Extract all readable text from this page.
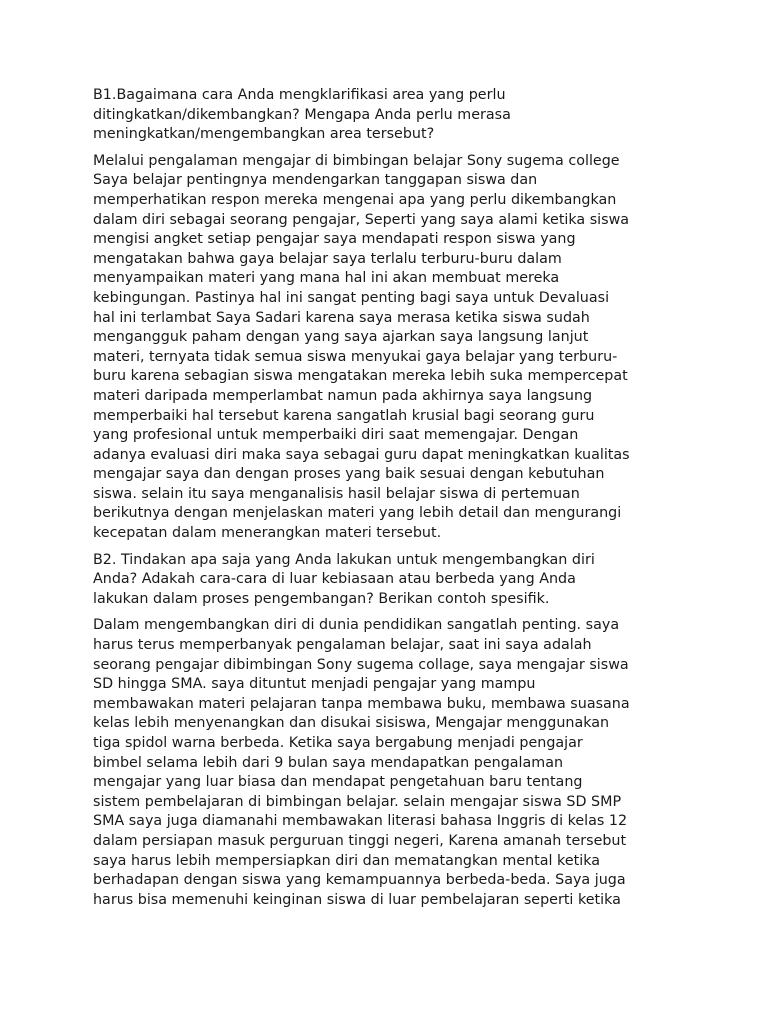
B1.Bagaimana cara Anda mengklarifikasi area yang perlu
ditingkatkan/dikembangkan? Mengapa Anda perlu merasa
meningkatkan/mengembangkan area tersebut?

Melalui pengalaman mengajar di bimbingan belajar Sony sugema college
Saya belajar pentingnya mendengarkan tanggapan siswa dan
memperhatikan respon mereka mengenai apa yang perlu dikembangkan
dalam diri sebagai seorang pengajar, Seperti yang saya alami ketika siswa
mengisi angket setiap pengajar saya mendapati respon siswa yang
mengatakan bahwa gaya belajar saya terlalu terburu-buru dalam
menyampaikan materi yang mana hal ini akan membuat mereka
kebingungan. Pastinya hal ini sangat penting bagi saya untuk Devaluasi
hal ini terlambat Saya Sadari karena saya merasa ketika siswa sudah
mengangguk paham dengan yang saya ajarkan saya langsung lanjut
materi, ternyata tidak semua siswa menyukai gaya belajar yang terburu-
buru karena sebagian siswa mengatakan mereka lebih suka mempercepat
materi daripada memperlambat namun pada akhirnya saya langsung
memperbaiki hal tersebut karena sangatlah krusial bagi seorang guru
yang profesional untuk memperbaiki diri saat memengajar. Dengan
adanya evaluasi diri maka saya sebagai guru dapat meningkatkan kualitas
mengajar saya dan dengan proses yang baik sesuai dengan kebutuhan
siswa. selain itu saya menganalisis hasil belajar siswa di pertemuan
berikutnya dengan menjelaskan materi yang lebih detail dan mengurangi
kecepatan dalam menerangkan materi tersebut.

B2. Tindakan apa saja yang Anda lakukan untuk mengembangkan diri
Anda? Adakah cara-cara di luar kebiasaan atau berbeda yang Anda
lakukan dalam proses pengembangan? Berikan contoh spesifik.

Dalam mengembangkan diri di dunia pendidikan sangatlah penting. saya
harus terus memperbanyak pengalaman belajar, saat ini saya adalah
seorang pengajar dibimbingan Sony sugema collage, saya mengajar siswa
SD hingga SMA. saya dituntut menjadi pengajar yang mampu
membawakan materi pelajaran tanpa membawa buku, membawa suasana
kelas lebih menyenangkan dan disukai sisiswa, Mengajar menggunakan
tiga spidol warna berbeda. Ketika saya bergabung menjadi pengajar
bimbel selama lebih dari 9 bulan saya mendapatkan pengalaman
mengajar yang luar biasa dan mendapat pengetahuan baru tentang
sistem pembelajaran di bimbingan belajar. selain mengajar siswa SD SMP
SMA saya juga diamanahi membawakan literasi bahasa Inggris di kelas 12
dalam persiapan masuk perguruan tinggi negeri, Karena amanah tersebut
saya harus lebih mempersiapkan diri dan mematangkan mental ketika
berhadapan dengan siswa yang kemampuannya berbeda-beda. Saya juga
harus bisa memenuhi keinginan siswa di luar pembelajaran seperti ketika
